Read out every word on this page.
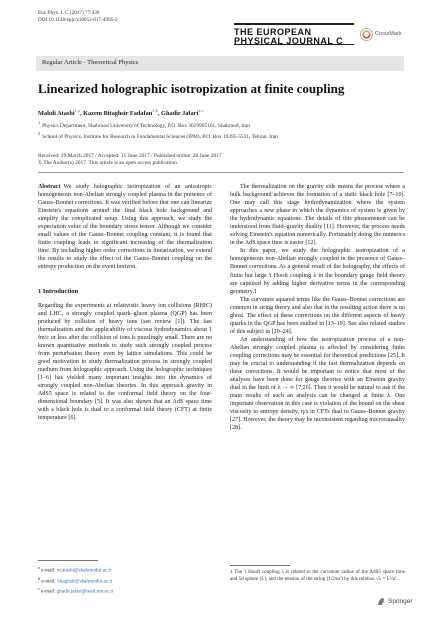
Eur. Phys. J. C (2017) 77:430
DOI 10.1140/epjc/s10052-017-4995-2
THE EUROPEAN
PHYSICAL JOURNAL C
CrossMark
Regular Article - Theoretical Physics
Linearized holographic isotropization at finite coupling
Mahdi Atashi$^{1,a}$, Kazem Bitaghsir Fadafan$^{1,b}$, Ghadir Jafari$^{2,c}$
$^1$Physics Department, Shahrood University of Technology, P.O. Box 3619995161, Shahrood, Iran
$^2$School of Physics, Institute for Research in Fundamental Sciences (IPM), P.O. Box 19395-5531, Tehran, Iran
Received: 29 March 2017 / Accepted: 15 June 2017 / Published online: 28 June 2017
© The Author(s) 2017. This article is an open access publication

Abstract We study holographic isotropization of an anisotropic homogeneous non-Abelian strongly coupled plasma in the presence of Gauss–Bonnet corrections. It was verified before that one can linearize Einstein's equations around the final black hole background and simplify the complicated setup. Using this approach, we study the expectation value of the boundary stress tensor. Although we consider small values of the Gauss–Bonnet coupling constant, it is found that finite coupling leads to significant increasing of the thermalization time. By including higher order corrections in linearization, we extend the results to study the effect of the Gauss–Bonnet coupling on the entropy production on the event horizon.

1 Introduction

Regarding the experiments at relativistic heavy ion collisions (RHIC) and LHC, a strongly coupled quark–gluon plasma (QGP) has been produced by collision of heavy ions (see review [1]). The fast thermalization and the applicability of viscous hydrodynamics about 1 fm/c or less after the collision of ions is puzzlingly small. There are no known quantitative methods to study such strongly coupled process from perturbation theory even by lattice simulations. This could be good motivation to study thermalization process in strongly coupled medium from holographic approach. Using the holographic techniques [1–6] has yielded many important insights into the dynamics of strongly coupled non-Abelian theories. In this approach gravity in AdS5 space is related to the conformal field theory on the four-dimensional boundary [5]. It was also shown that an AdS space time with a black hole is dual to a conformal field theory (CFT) at finite temperature [6].

The thermalization on the gravity side means the process where a bulk background achieves the formation of a static black hole [7–10]. One may call this stage hydrodynamization where the system approaches a new phase in which the dynamics of system is given by the hydrodynamic equations. The details of this phenomenon can be understood from fluid–gravity duality [11]. However, the process needs solving Einstein's equation numerically. Fortunately doing the numerics in the AdS space time is easier [12].

In this paper, we study the holographic isotropization of a homogeneous non-Abelian strongly coupled in the presence of Gauss–Bonnet corrections. As a general result of the holography, the effects of finite but large 't Hooft coupling λ in the boundary gauge field theory are captured by adding higher derivative terms in the corresponding geometry.1

The curvature squared terms like the Gauss–Bonnet corrections are common in string theory and also that in the resulting action there is no ghost. The effect of these corrections on the different aspects of heavy quarks in the QGP has been studied in [13–19]. See also related studies of this subject in [20–24].

An understanding of how the isotropization process of a non-Abelian strongly coupled plasma is affected by considering finite coupling corrections may be essential for theoretical predictions [25]. It may be crucial to understanding if the fast thermalization depends on these corrections. It would be important to notice that most of the analyses have been done for gauge theories with an Einstein gravity dual in the limit of λ → ∞ [7,26]. Then it would be natural to ask if the main results of such an analysis can be changed at finite λ. One important observation in this case is violation of the bound on the shear viscosity to entropy density, η/s in CFTs dual to Gauss–Bonnet gravity [27]. However, the theory may be inconsistent regarding microcausality [28].

$^a$ e-mail: m.atashi@shahroodut.ac.ir
$^b$ e-mail: bitaghsir@shahroodut.ac.ir
$^c$ e-mail: ghadir.jafari@mail.um.ac.ir
1 The 't Hooft coupling λ is related to the curvature radius of the AdS5 space time and 5d sphere (L), and the tension of the string (1/2πα′) by this relation √λ = L²/α′.
Springer
